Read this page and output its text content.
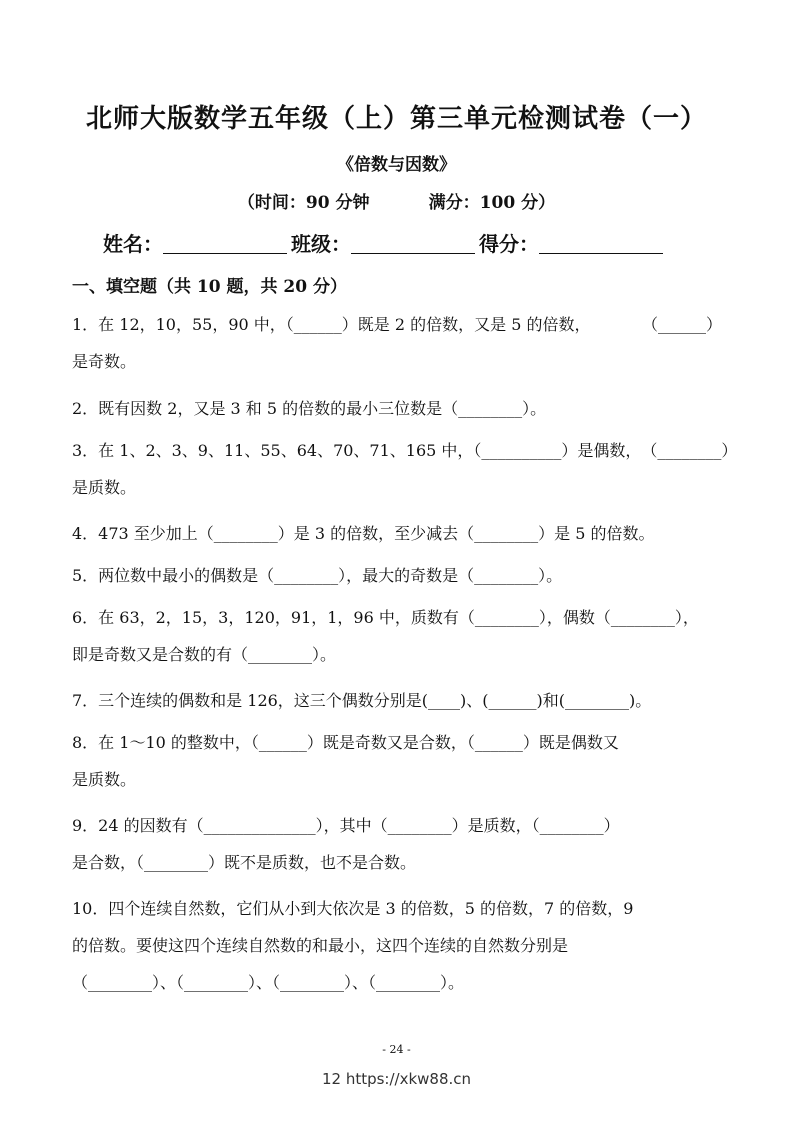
北师大版数学五年级（上）第三单元检测试卷（一）
《倍数与因数》
（时间：90 分钟          满分：100 分）
姓名：	班级：	得分：
一、填空题（共 10 题，共 20 分）
1．在 12，10，55，90 中，（______）既是 2 的倍数，又是 5 的倍数，	（______）
是奇数。
2．既有因数 2，又是 3 和 5 的倍数的最小三位数是（________）。
3．在 1、2、3、9、11、55、64、70、71、165 中，（__________）是偶数， （________）
是质数。
4．473 至少加上（________）是 3 的倍数，至少减去（________）是 5 的倍数。
5．两位数中最小的偶数是（________），最大的奇数是（________）。
6．在 63，2，15，3，120，91，1，96 中，质数有（________），偶数（________），
即是奇数又是合数的有（________）。
7．三个连续的偶数和是 126，这三个偶数分别是(____)、(______)和(________)。
8．在 1～10 的整数中，（______）既是奇数又是合数，（______）既是偶数又
是质数。
9．24 的因数有（______________），其中（________）是质数，（________）
是合数，（________）既不是质数，也不是合数。
10．四个连续自然数，它们从小到大依次是 3 的倍数，5 的倍数，7 的倍数，9
的倍数。要使这四个连续自然数的和最小，这四个连续的自然数分别是
（________）、（________）、（________）、（________）。
- 24 -
12 https://xkw88.cn
